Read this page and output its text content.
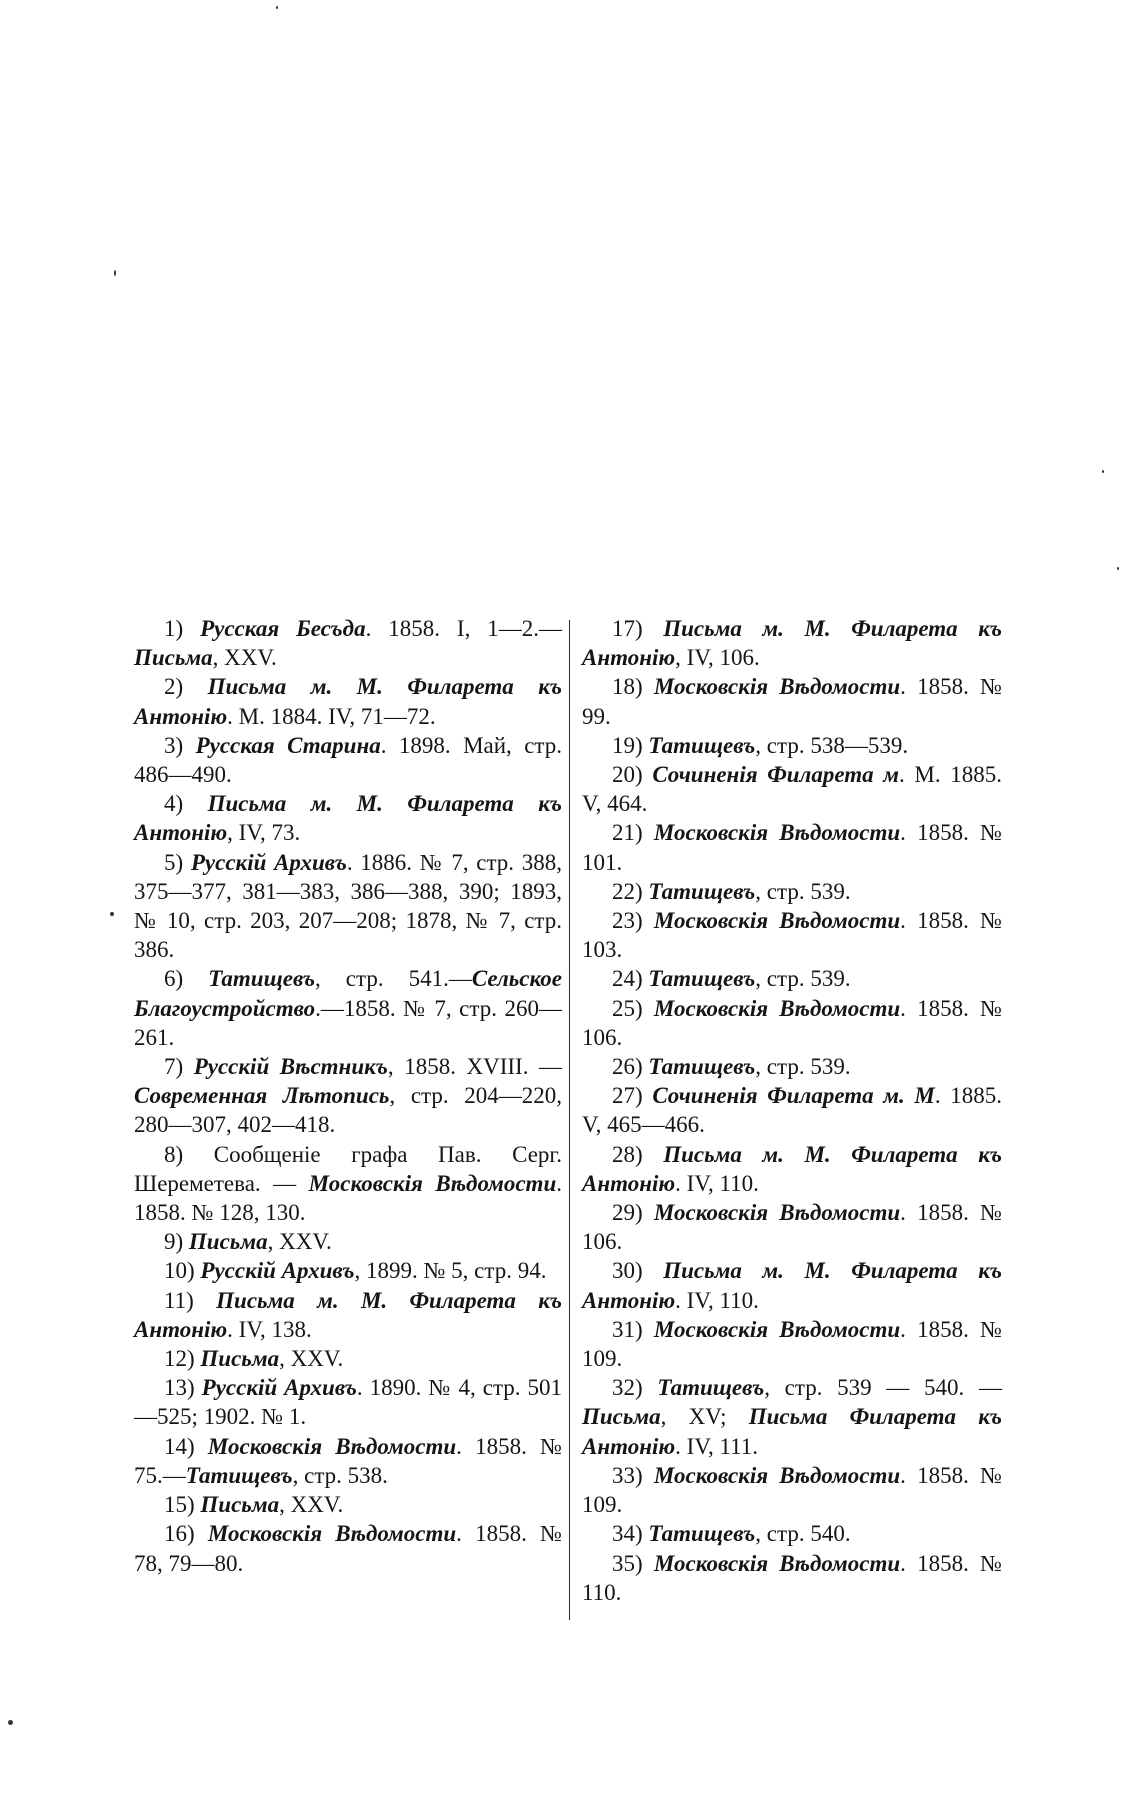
1) Русская Бесъда. 1858. I, 1—2.—Письма, XXV.

2) Письма м. М. Филарета къ Антонію. М. 1884. IV, 71—72.

3) Русская Старина. 1898. Май, стр. 486—490.

4) Письма м. М. Филарета къ Антонію, IV, 73.

5) Русскій Архивъ. 1886. № 7, стр. 388, 375—377, 381—383, 386—388, 390; 1893, № 10, стр. 203, 207—208; 1878, № 7, стр. 386.

6) Татищевъ, стр. 541.—Сельское Благоустройство.—1858. № 7, стр. 260—261.

7) Русскій Вѣстникъ, 1858. XVIII. —Современная Лѣтопись, стр. 204—220, 280—307, 402—418.

8) Сообщеніе графа Пав. Серг. Шереметева. — Московскія Вѣдомости. 1858. № 128, 130.

9) Письма, XXV.

10) Русскій Архивъ, 1899. № 5, стр. 94.

11) Письма м. М. Филарета къ Антонію. IV, 138.

12) Письма, XXV.

13) Русскій Архивъ. 1890. № 4, стр. 501—525; 1902. № 1.

14) Московскія Вѣдомости. 1858. № 75.—Татищевъ, стр. 538.

15) Письма, XXV.

16) Московскія Вѣдомости. 1858. № 78, 79—80.

17) Письма м. М. Филарета къ Антонію, IV, 106.

18) Московскія Вѣдомости. 1858. № 99.

19) Татищевъ, стр. 538—539.

20) Сочиненія Филарета м. М. 1885. V, 464.

21) Московскія Вѣдомости. 1858. № 101.

22) Татищевъ, стр. 539.

23) Московскія Вѣдомости. 1858. № 103.

24) Татищевъ, стр. 539.

25) Московскія Вѣдомости. 1858. № 106.

26) Татищевъ, стр. 539.

27) Сочиненія Филарета м. М. 1885. V, 465—466.

28) Письма м. М. Филарета къ Антонію. IV, 110.

29) Московскія Вѣдомости. 1858. № 106.

30) Письма м. М. Филарета къ Антонію. IV, 110.

31) Московскія Вѣдомости. 1858. № 109.

32) Татищевъ, стр. 539 — 540. — Письма, XV; Письма Филарета къ Антонію. IV, 111.

33) Московскія Вѣдомости. 1858. № 109.

34) Татищевъ, стр. 540.

35) Московскія Вѣдомости. 1858. № 110.
